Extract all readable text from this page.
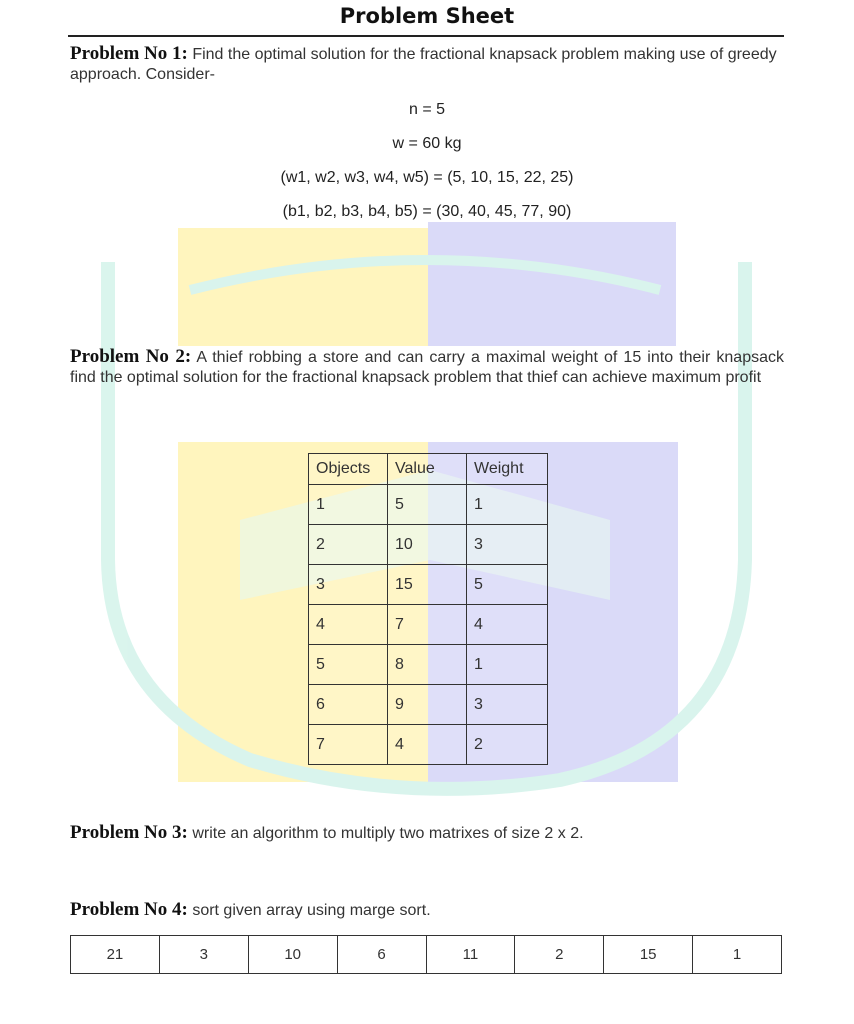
Problem Sheet
Problem No 1: Find the optimal solution for the fractional knapsack problem making use of greedy approach. Consider-
n = 5
w = 60 kg
(w1, w2, w3, w4, w5) = (5, 10, 15, 22, 25)
(b1, b2, b3, b4, b5) = (30, 40, 45, 77, 90)
Problem No 2: A thief robbing a store and can carry a maximal weight of 15 into their knapsack find the optimal solution for the fractional knapsack problem that thief can achieve maximum profit
Objects	Value	Weight
1	5	1
2	10	3
3	15	5
4	7	4
5	8	1
6	9	3
7	4	2
Problem No 3: write an algorithm to multiply two matrixes of size 2 x 2.
Problem No 4: sort given array using marge sort.
21	3	10	6	11	2	15	1
